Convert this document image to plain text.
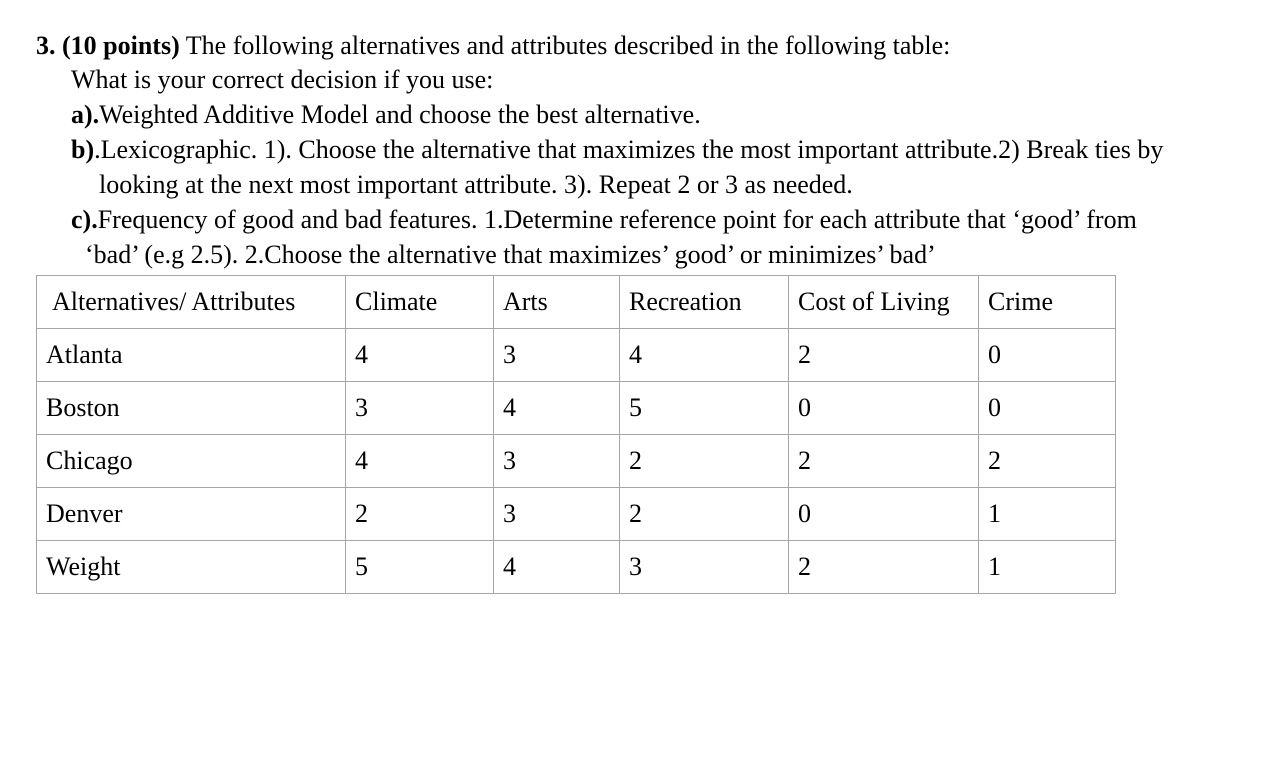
3. (10 points) The following alternatives and attributes described in the following table:
What is your correct decision if you use:
a).Weighted Additive Model and choose the best alternative.
b).Lexicographic. 1). Choose the alternative that maximizes the most important attribute.2) Break ties by
looking at the next most important attribute. 3). Repeat 2 or 3 as needed.
c).Frequency of good and bad features. 1.Determine reference point for each attribute that ‘good’ from
‘bad’ (e.g 2.5). 2.Choose the alternative that maximizes’ good’ or minimizes’ bad’
Alternatives/ Attributes	Climate	Arts	Recreation	Cost of Living	Crime
Atlanta	4	3	4	2	0
Boston	3	4	5	0	0
Chicago	4	3	2	2	2
Denver	2	3	2	0	1
Weight	5	4	3	2	1
